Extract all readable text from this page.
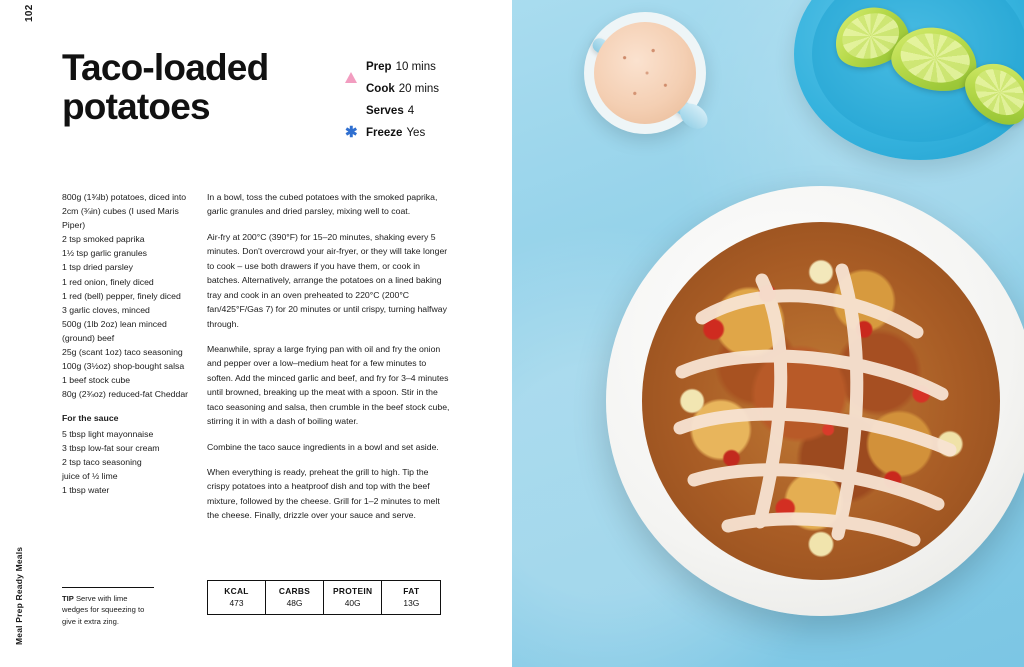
102
Meal Prep Ready Meals
Taco-loaded potatoes
Prep 10 mins
Cook 20 mins
Serves 4
✱ Freeze Yes
800g (1¾lb) potatoes, diced into 2cm (¾in) cubes (I used Maris Piper)
2 tsp smoked paprika
1½ tsp garlic granules
1 tsp dried parsley
1 red onion, finely diced
1 red (bell) pepper, finely diced
3 garlic cloves, minced
500g (1lb 2oz) lean minced (ground) beef
25g (scant 1oz) taco seasoning
100g (3½oz) shop-bought salsa
1 beef stock cube
80g (2¾oz) reduced-fat Cheddar
For the sauce
5 tbsp light mayonnaise
3 tbsp low-fat sour cream
2 tsp taco seasoning
juice of ½ lime
1 tbsp water

In a bowl, toss the cubed potatoes with the smoked paprika, garlic granules and dried parsley, mixing well to coat.

Air-fry at 200°C (390°F) for 15–20 minutes, shaking every 5 minutes. Don't overcrowd your air-fryer, or they will take longer to cook – use both drawers if you have them, or cook in batches. Alternatively, arrange the potatoes on a lined baking tray and cook in an oven preheated to 220°C (200°C fan/425°F/Gas 7) for 20 minutes or until crispy, turning halfway through.

Meanwhile, spray a large frying pan with oil and fry the onion and pepper over a low–medium heat for a few minutes to soften. Add the minced garlic and beef, and fry for 3–4 minutes until browned, breaking up the meat with a spoon. Stir in the taco seasoning and salsa, then crumble in the beef stock cube, stirring it in with a dash of boiling water.

Combine the taco sauce ingredients in a bowl and set aside.

When everything is ready, preheat the grill to high. Tip the crispy potatoes into a heatproof dish and top with the beef mixture, followed by the cheese. Grill for 1–2 minutes to melt the cheese. Finally, drizzle over your sauce and serve.

TIP Serve with lime wedges for squeezing to give it extra zing.
KCAL
473
CARBS
48G
PROTEIN
40G
FAT
13G
